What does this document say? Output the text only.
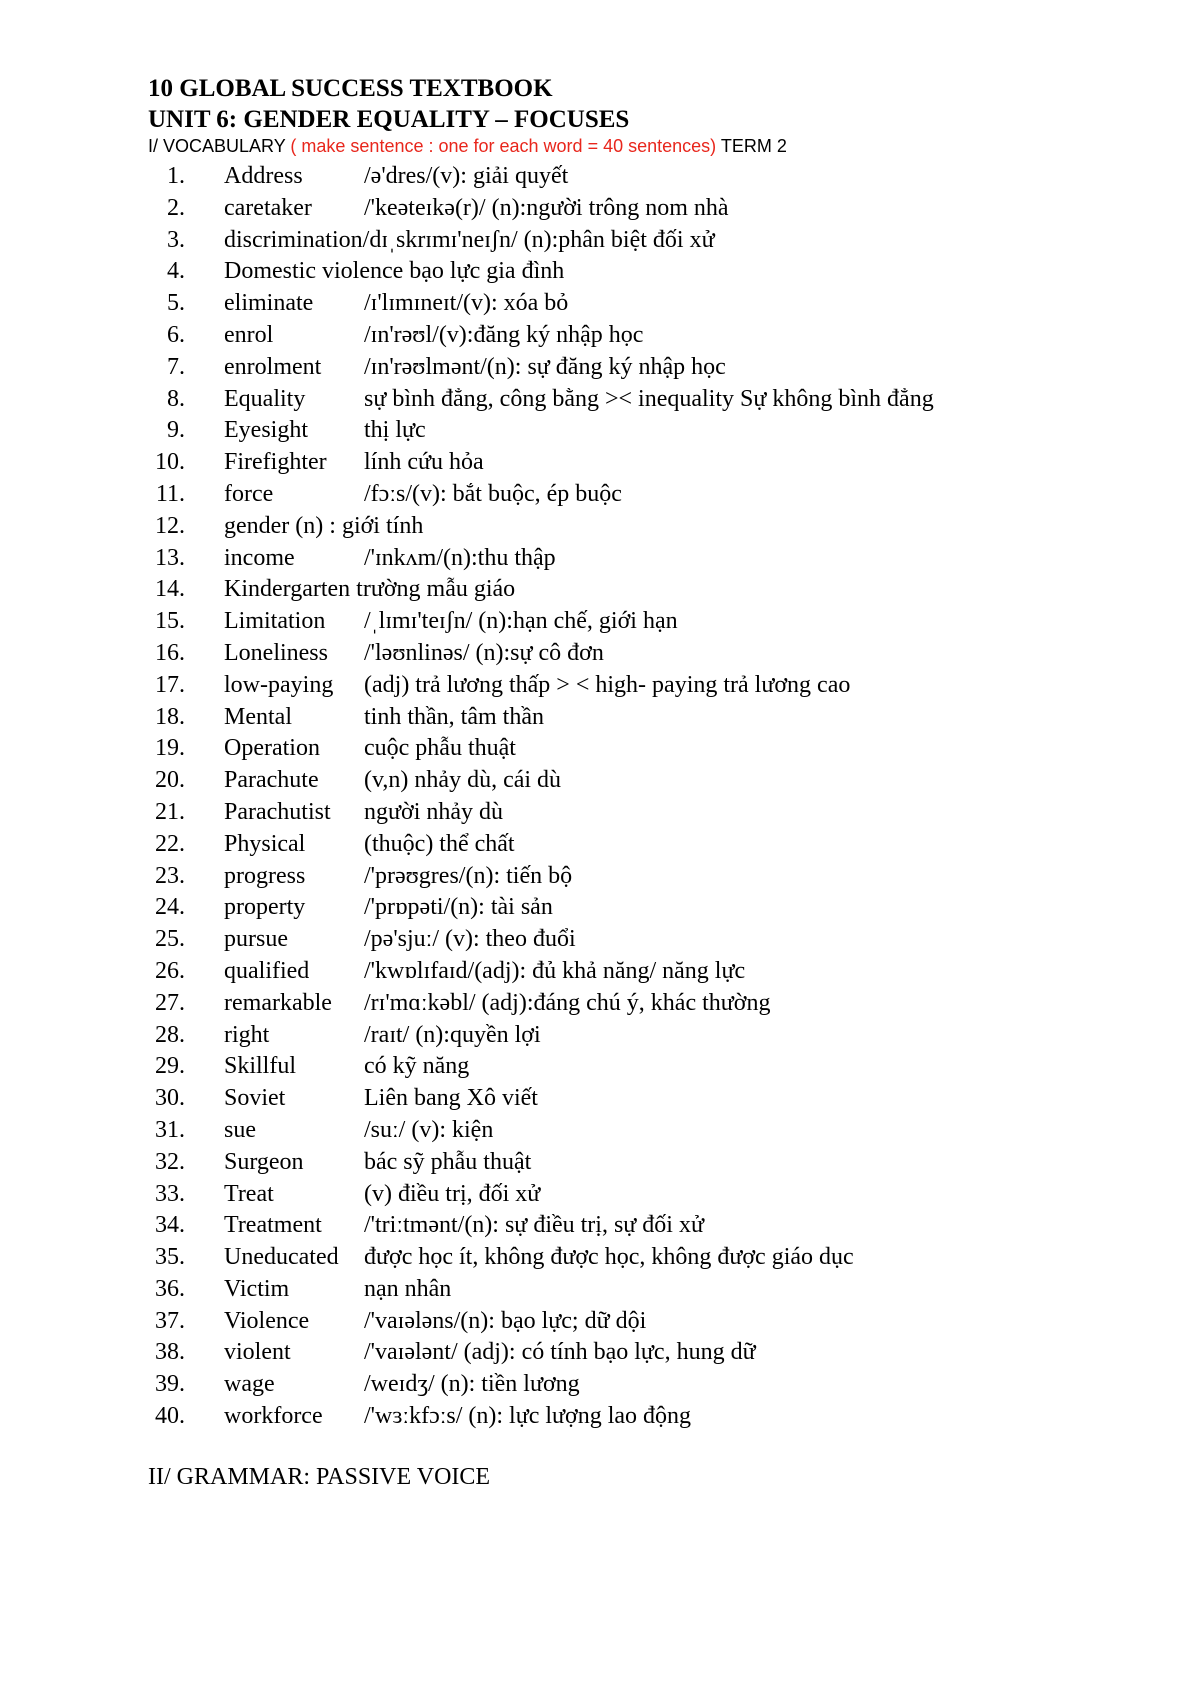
10 GLOBAL SUCCESS TEXTBOOK
UNIT 6: GENDER EQUALITY – FOCUSES
I/ VOCABULARY ( make sentence : one for each word = 40 sentences) TERM 2
1. Address	/ə'dres/(v): giải quyết
2. caretaker /'keəteɪkə(r)/ (n):người trông nom nhà
3. discrimination/dɪˌskrɪmɪ'neɪʃn/ (n):phân biệt đối xử
4. Domestic violence bạo lực gia đình
5. eliminate /ɪ'lɪmɪneɪt/(v): xóa bỏ
6. enrol	/ɪn'rəʊl/(v):đăng ký nhập học
7. enrolment /ɪn'rəʊlmənt/(n): sự đăng ký nhập học
8. Equality sự bình đẳng, công bằng >< inequality Sự không bình đẳng
9. Eyesight thị lực
10. Firefighter lính cứu hỏa
11. force	/fɔːs/(v): bắt buộc, ép buộc
12. gender (n) : giới tính
13. income	/'ɪnkʌm/(n):thu thập
14. Kindergarten trường mẫu giáo
15. Limitation /ˌlɪmɪ'teɪʃn/ (n):hạn chế, giới hạn
16. Loneliness /'ləʊnlinəs/ (n):sự cô đơn
17. low-paying (adj) trả lương thấp > < high- paying trả lương cao
18. Mental	tinh thần, tâm thần
19. Operation cuộc phẫu thuật
20. Parachute (v,n) nhảy dù, cái dù
21. Parachutist người nhảy dù
22. Physical (thuộc) thể chất
23. progress /'prəʊgres/(n): tiến bộ
24. property /'prɒpəti/(n): tài sản
25. pursue	/pə'sjuː/ (v): theo đuổi
26. qualified /'kwɒlɪfaɪd/(adj): đủ khả năng/ năng lực
27. remarkable /rɪ'mɑːkəbl/ (adj):đáng chú ý, khác thường
28. right	/raɪt/ (n):quyền lợi
29. Skillful	có kỹ năng
30. Soviet	Liên bang Xô viết
31. sue	/suː/ (v): kiện
32. Surgeon	bác sỹ phẫu thuật
33. Treat	(v) điều trị, đối xử
34. Treatment /'triːtmənt/(n): sự điều trị, sự đối xử
35. Uneducated được học ít, không được học, không được giáo dục
36. Victim	nạn nhân
37. Violence /'vaɪələns/(n): bạo lực; dữ dội
38. violent	/'vaɪələnt/ (adj): có tính bạo lực, hung dữ
39. wage	/weɪdʒ/ (n): tiền lương
40. workforce /'wɜːkfɔːs/ (n): lực lượng lao động
II/ GRAMMAR: PASSIVE VOICE
